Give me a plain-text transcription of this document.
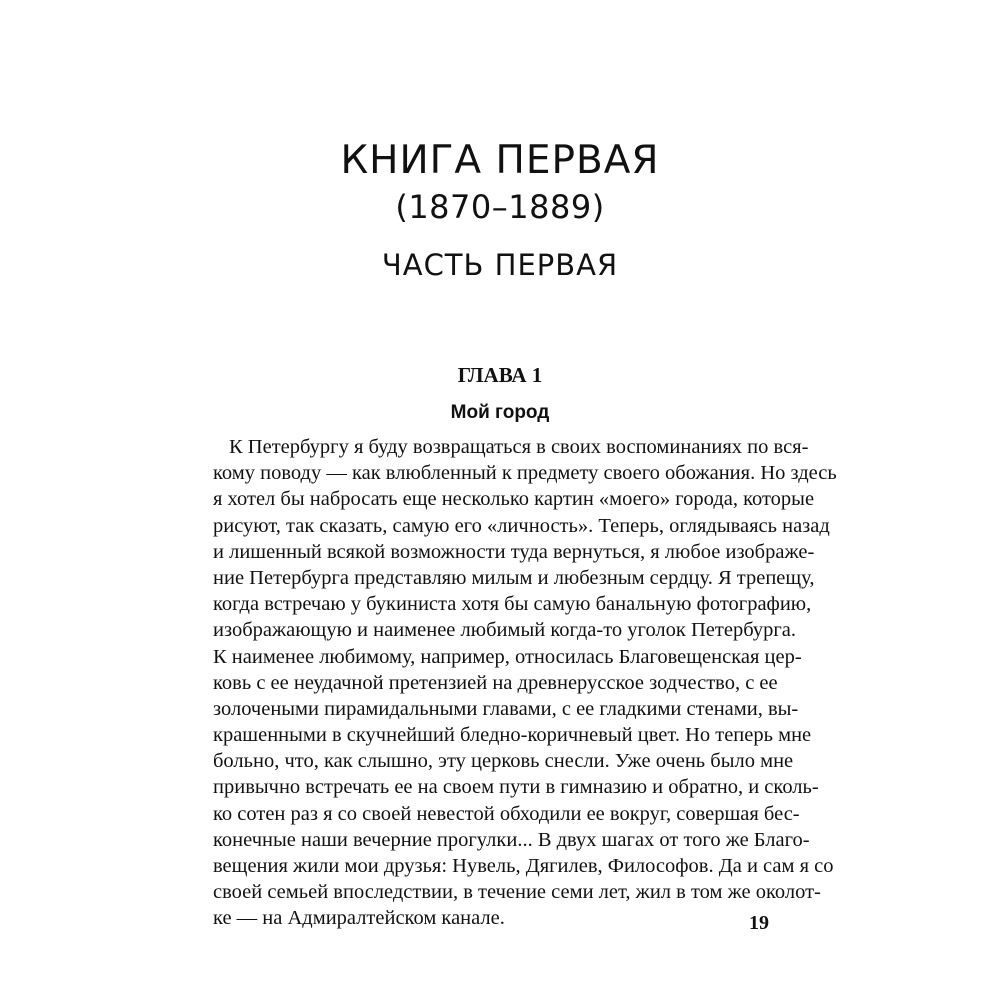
КНИГА ПЕРВАЯ
(1870–1889)
ЧАСТЬ ПЕРВАЯ
ГЛАВА 1
Мой город
К Петербургу я буду возвращаться в своих воспоминаниях по вся-
кому поводу — как влюбленный к предмету своего обожания. Но здесь
я хотел бы набросать еще несколько картин «моего» города, которые
рисуют, так сказать, самую его «личность». Теперь, оглядываясь назад
и лишенный всякой возможности туда вернуться, я любое изображе-
ние Петербурга представляю милым и любезным сердцу. Я трепещу,
когда встречаю у букиниста хотя бы самую банальную фотографию,
изображающую и наименее любимый когда-то уголок Петербурга.
К наименее любимому, например, относилась Благовещенская цер-
ковь с ее неудачной претензией на древнерусское зодчество, с ее
золочеными пирамидальными главами, с ее гладкими стенами, вы-
крашенными в скучнейший бледно-коричневый цвет. Но теперь мне
больно, что, как слышно, эту церковь снесли. Уже очень было мне
привычно встречать ее на своем пути в гимназию и обратно, и сколь-
ко сотен раз я со своей невестой обходили ее вокруг, совершая бес-
конечные наши вечерние прогулки... В двух шагах от того же Благо-
вещения жили мои друзья: Нувель, Дягилев, Философов. Да и сам я со
своей семьей впоследствии, в течение семи лет, жил в том же околот-
ке — на Адмиралтейском канале.	19
